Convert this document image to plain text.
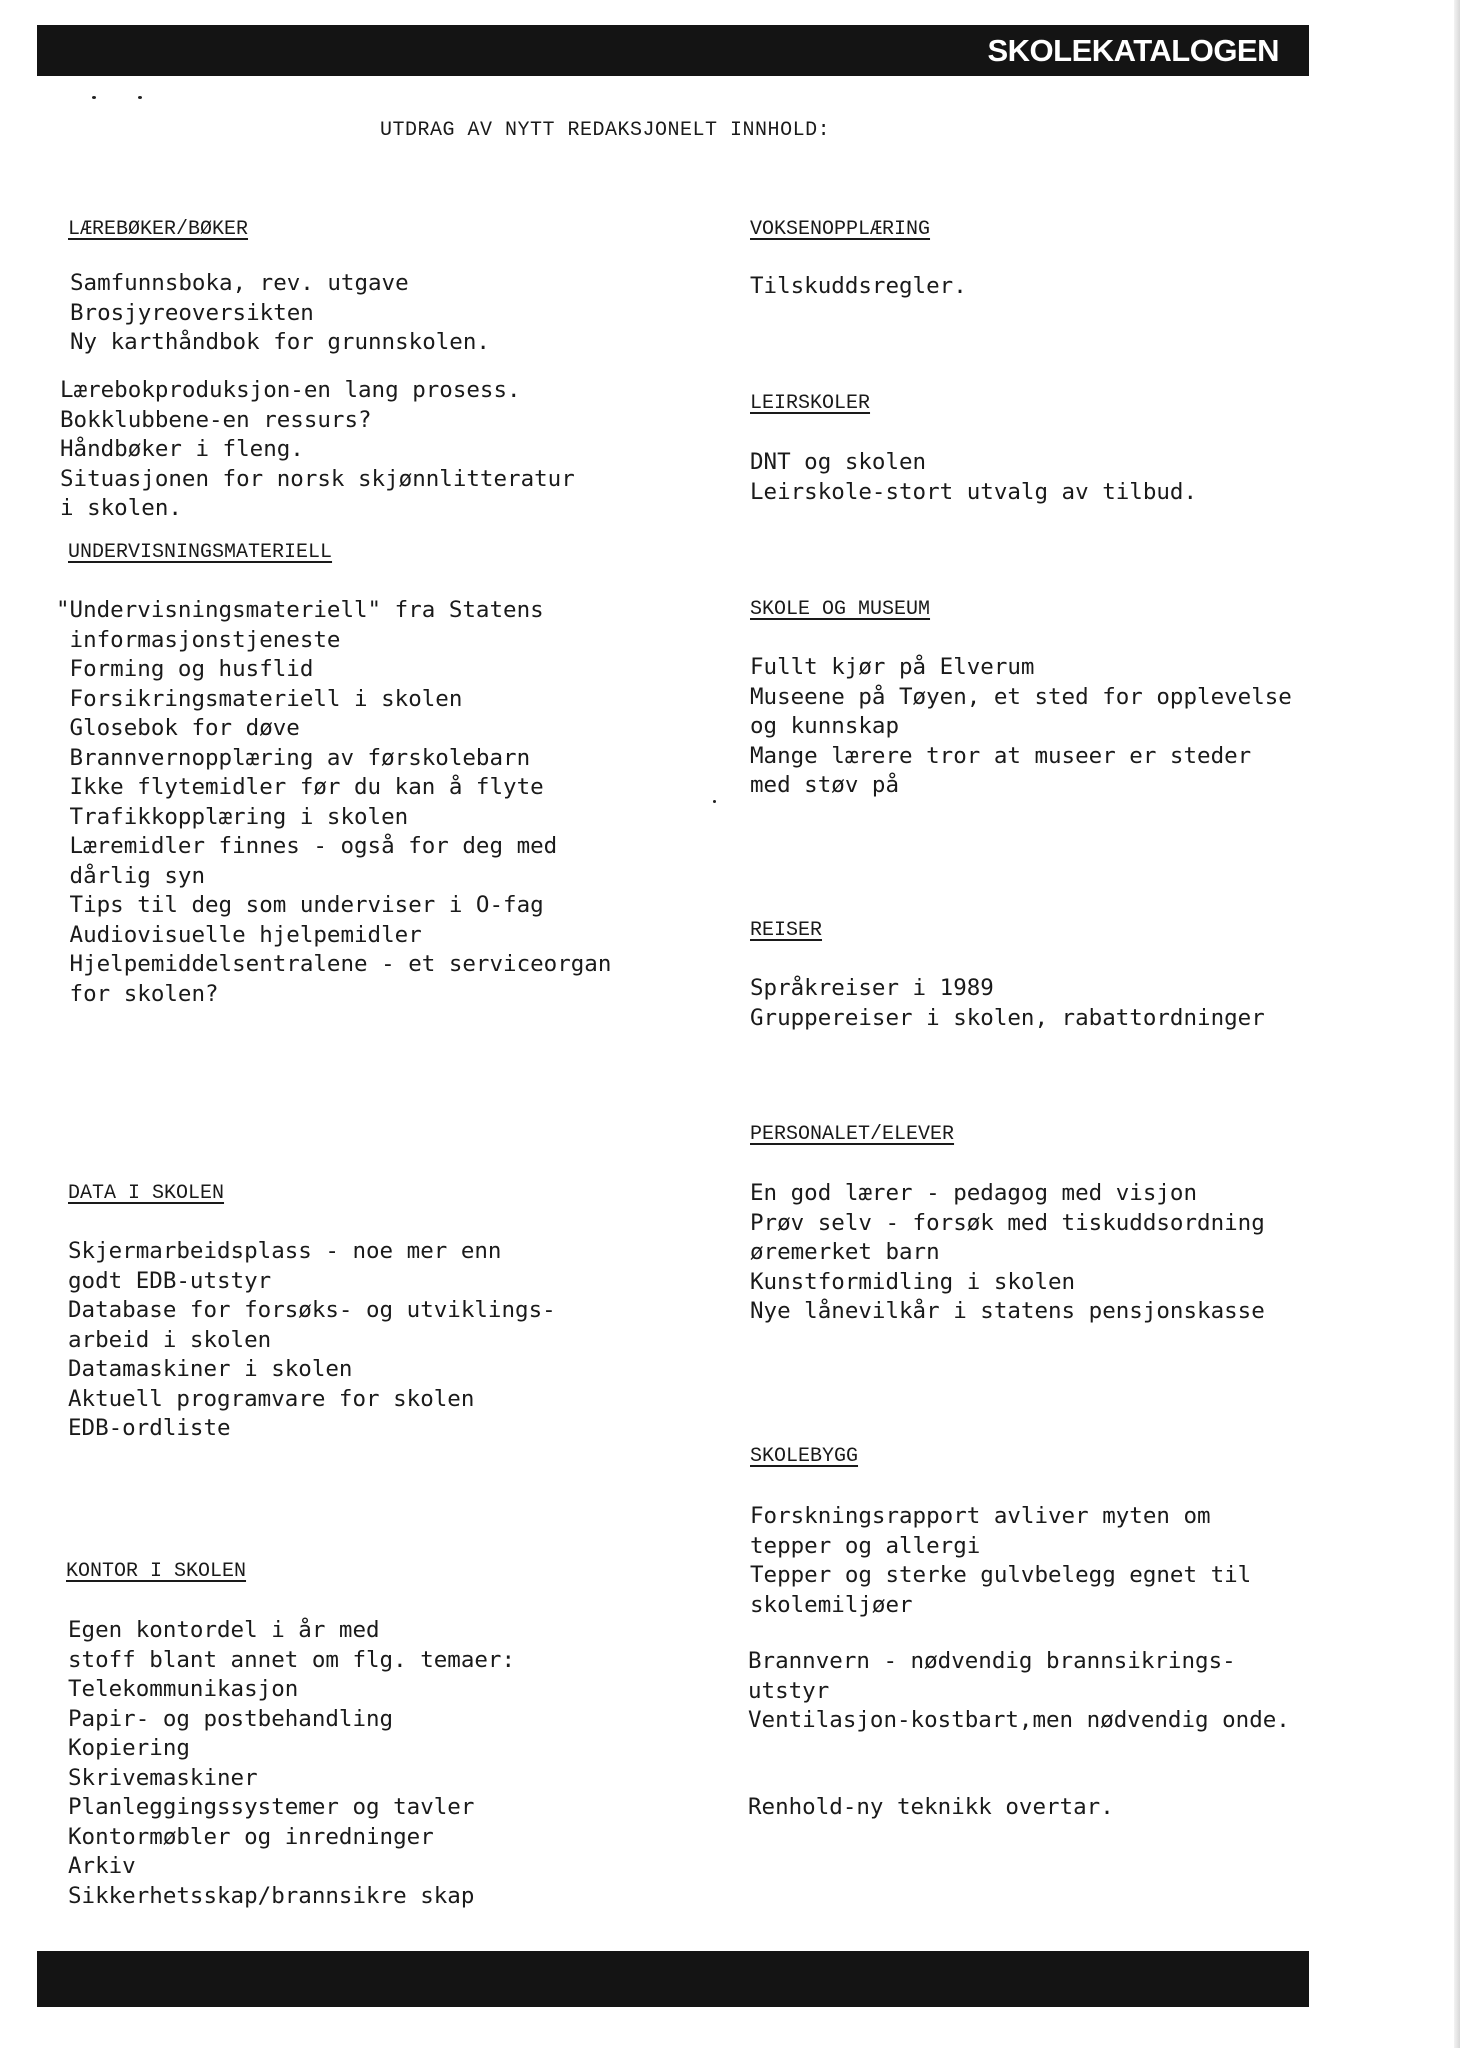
SKOLEKATALOGEN
UTDRAG AV NYTT REDAKSJONELT INNHOLD:
LÆREBØKER/BØKER
Samfunnsboka, rev. utgave
Brosjyreoversikten
Ny karthåndbok for grunnskolen.
Lærebokproduksjon-en lang prosess.
Bokklubbene-en ressurs?
Håndbøker i fleng.
Situasjonen for norsk skjønnlitteratur
i skolen.
UNDERVISNINGSMATERIELL
"Undervisningsmateriell" fra Statens
informasjonstjeneste
Forming og husflid
Forsikringsmateriell i skolen
Glosebok for døve
Brannvernopplæring av førskolebarn
Ikke flytemidler før du kan å flyte
Trafikkopplæring i skolen
Læremidler finnes - også for deg med
dårlig syn
Tips til deg som underviser i O-fag
Audiovisuelle hjelpemidler
Hjelpemiddelsentralene - et serviceorgan
for skolen?
DATA I SKOLEN
Skjermarbeidsplass - noe mer enn
godt EDB-utstyr
Database for forsøks- og utviklings-
arbeid i skolen
Datamaskiner i skolen
Aktuell programvare for skolen
EDB-ordliste
KONTOR I SKOLEN
Egen kontordel i år med
stoff blant annet om flg. temaer:
Telekommunikasjon
Papir- og postbehandling
Kopiering
Skrivemaskiner
Planleggingssystemer og tavler
Kontormøbler og inredninger
Arkiv
Sikkerhetsskap/brannsikre skap
VOKSENOPPLÆRING
Tilskuddsregler.
LEIRSKOLER
DNT og skolen
Leirskole-stort utvalg av tilbud.
SKOLE OG MUSEUM
Fullt kjør på Elverum
Museene på Tøyen, et sted for opplevelse
og kunnskap
Mange lærere tror at museer er steder
med støv på
REISER
Språkreiser i 1989
Gruppereiser i skolen, rabattordninger
PERSONALET/ELEVER
En god lærer - pedagog med visjon
Prøv selv - forsøk med tiskuddsordning
øremerket barn
Kunstformidling i skolen
Nye lånevilkår i statens pensjonskasse
SKOLEBYGG
Forskningsrapport avliver myten om
tepper og allergi
Tepper og sterke gulvbelegg egnet til
skolemiljøer
Brannvern - nødvendig brannsikrings-
utstyr
Ventilasjon-kostbart,men nødvendig onde.
Renhold-ny teknikk overtar.
